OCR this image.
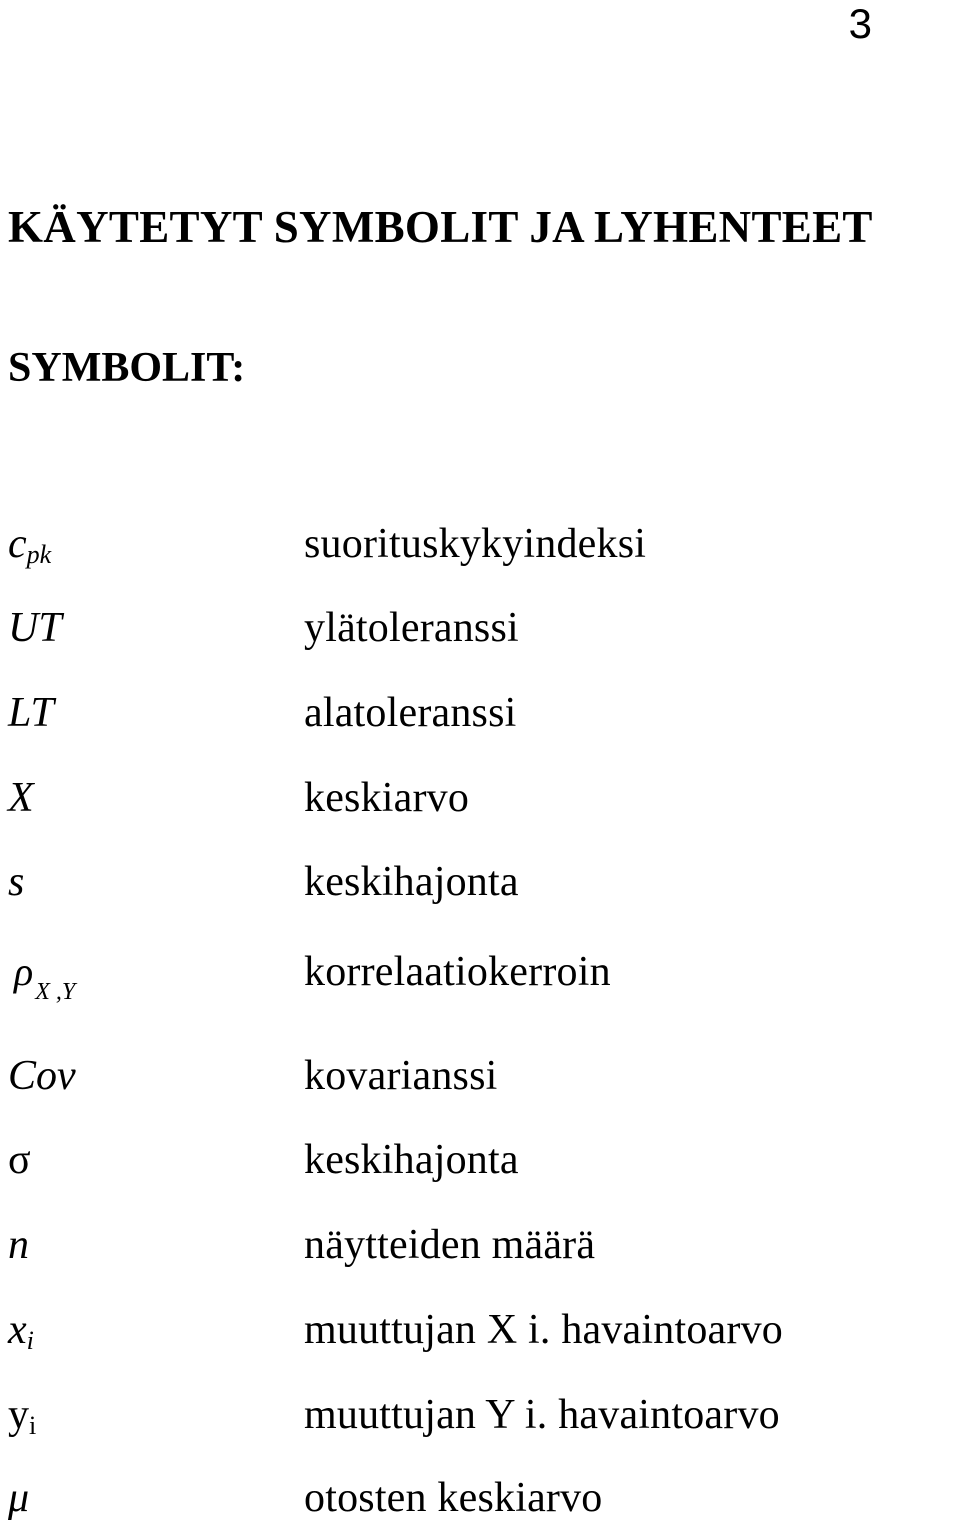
3
KÄYTETYT SYMBOLIT JA LYHENTEET
SYMBOLIT:
$c_{pk}$	suorituskykyindeksi
UT	ylätoleranssi
LT	alatoleranssi
X	keskiarvo
s	keskihajonta
$\rho_{X ,Y}$	korrelaatiokerroin
Cov	kovarianssi
σ	keskihajonta
n	näytteiden määrä
$x_i$	muuttujan X i. havaintoarvo
$y_i$	muuttujan Y i. havaintoarvo
μ	otosten keskiarvo
